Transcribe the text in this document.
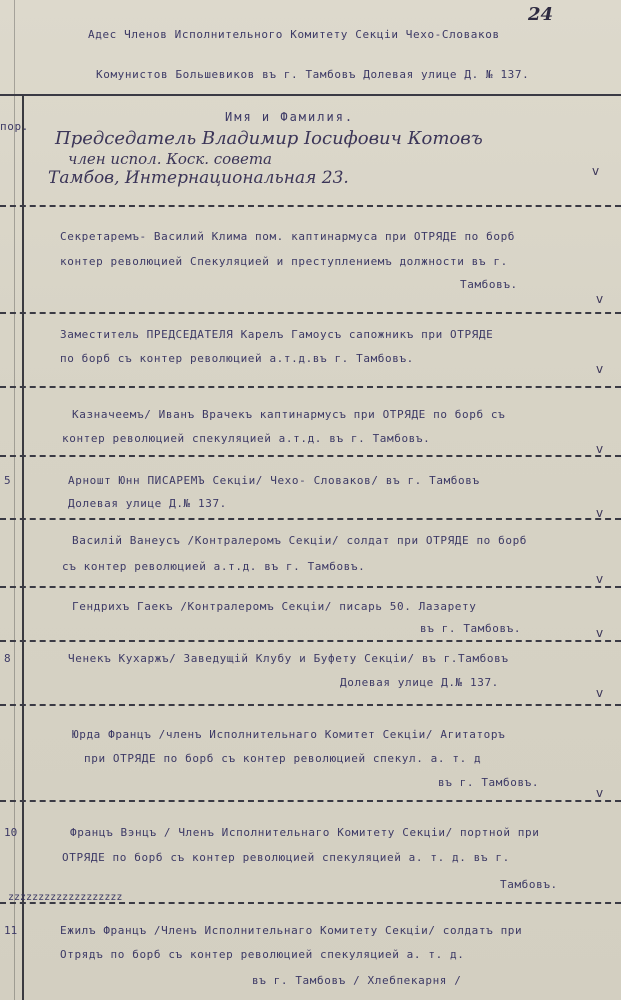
24
Адес Членов Исполнительного Комитету Секціи Чехо-Словаков
Комунистов Большевиков въ г. Тамбовъ Долевая улице Д. № 137.
пор.
Имя и Фамилия.
Председатель Владимир Іосифович Котовъ
член испол. Коск. совета
Тамбов, Интернациональная 23.	v
Секретаремъ- Василий Клима пом. каптинармуса при ОТРЯДЕ по борб
контер революцией Спекуляцией и преступлениемъ должности въ г.
Тамбовъ.
v
Заместитель ПРЕДСЕДАТЕЛЯ Карелъ Гамоусъ сапожникъ при ОТРЯДЕ
по борб съ контер революцией а.т.д.въ г. Тамбовъ.
v
Казначеемъ/ Иванъ Врачекъ каптинармусъ при ОТРЯДЕ по борб съ
контер революцией спекуляцией а.т.д. въ г. Тамбовъ.
v
5	Арношт Юнн ПИСАРЕМЪ Секціи/ Чехо- Словаков/ въ г. Тамбовъ
Долевая улице Д.№ 137.
v
Василій Ванеусъ /Контралеромъ Секціи/ солдат при ОТРЯДЕ по борб
съ контер революцией а.т.д. въ г. Тамбовъ.
v
Гендрихъ Гаекъ /Контралеромъ Секціи/ писарь 50. Лазарету
въ г. Тамбовъ.	v
8	Ченекъ Кухаржъ/ Заведущій Клубу и Буфету Секціи/ въ г.Тамбовъ
Долевая улице Д.№ 137.
v
Юрда Францъ /членъ Исполнительнаго Комитет Секціи/ Агитаторъ
при ОТРЯДЕ по борб съ контер революцией спекул. а. т. д
въ г. Тамбовъ.
v
10	Францъ Вэнцъ / Членъ Исполнительнаго Комитету Секціи/ портной при
ОТРЯДЕ по борб съ контер революцией спекуляцией а. т. д. въ г.
Тамбовъ.
zzzzzzzzzzzzzzzzzzz
11	Ежилъ Францъ /Членъ Исполнительнаго Комитету Секціи/ солдатъ при
Отрядъ по борб съ контер революцией спекуляцией а. т. д.
въ г. Тамбовъ / Хлебпекарня /
